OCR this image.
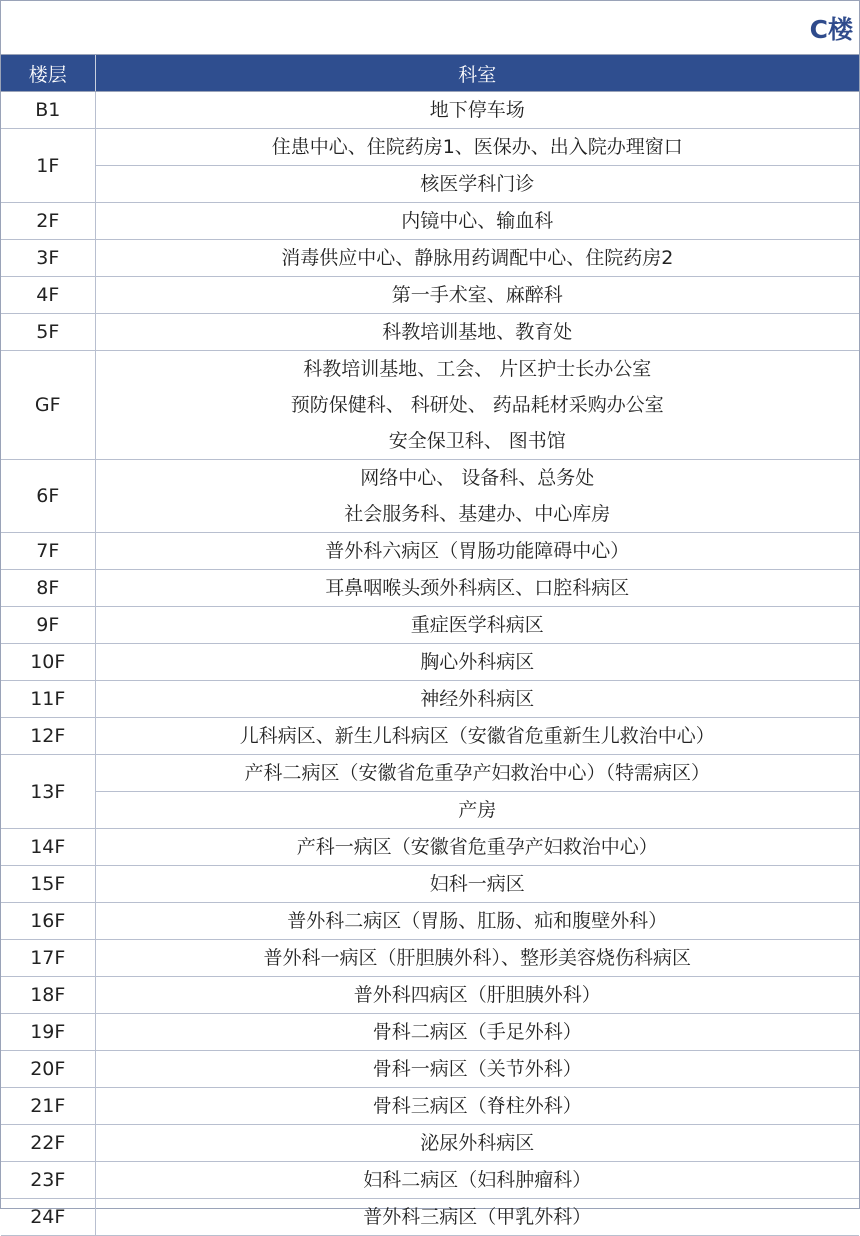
C楼
楼层	科室
B1	地下停车场

1F	住患中心、住院药房1、医保办、出入院办理窗口

	核医学科门诊

2F	内镜中心、输血科

3F	消毒供应中心、静脉用药调配中心、住院药房2

4F	第一手术室、麻醉科

5F	科教培训基地、教育处

GF	科教培训基地、工会、 片区护士长办公室

	预防保健科、 科研处、 药品耗材采购办公室

	安全保卫科、 图书馆

6F	网络中心、 设备科、总务处

	社会服务科、基建办、中心库房

7F	普外科六病区（胃肠功能障碍中心）

8F	耳鼻咽喉头颈外科病区、口腔科病区

9F	重症医学科病区

10F	胸心外科病区

11F	神经外科病区

12F	儿科病区、新生儿科病区（安徽省危重新生儿救治中心）

13F	产科二病区（安徽省危重孕产妇救治中心）（特需病区）

	产房

14F	产科一病区（安徽省危重孕产妇救治中心）

15F	妇科一病区

16F	普外科二病区（胃肠、肛肠、疝和腹壁外科）

17F	普外科一病区（肝胆胰外科）、整形美容烧伤科病区

18F	普外科四病区（肝胆胰外科）

19F	骨科二病区（手足外科）

20F	骨科一病区（关节外科）

21F	骨科三病区（脊柱外科）

22F	泌尿外科病区

23F	妇科二病区（妇科肿瘤科）

24F	普外科三病区（甲乳外科）
